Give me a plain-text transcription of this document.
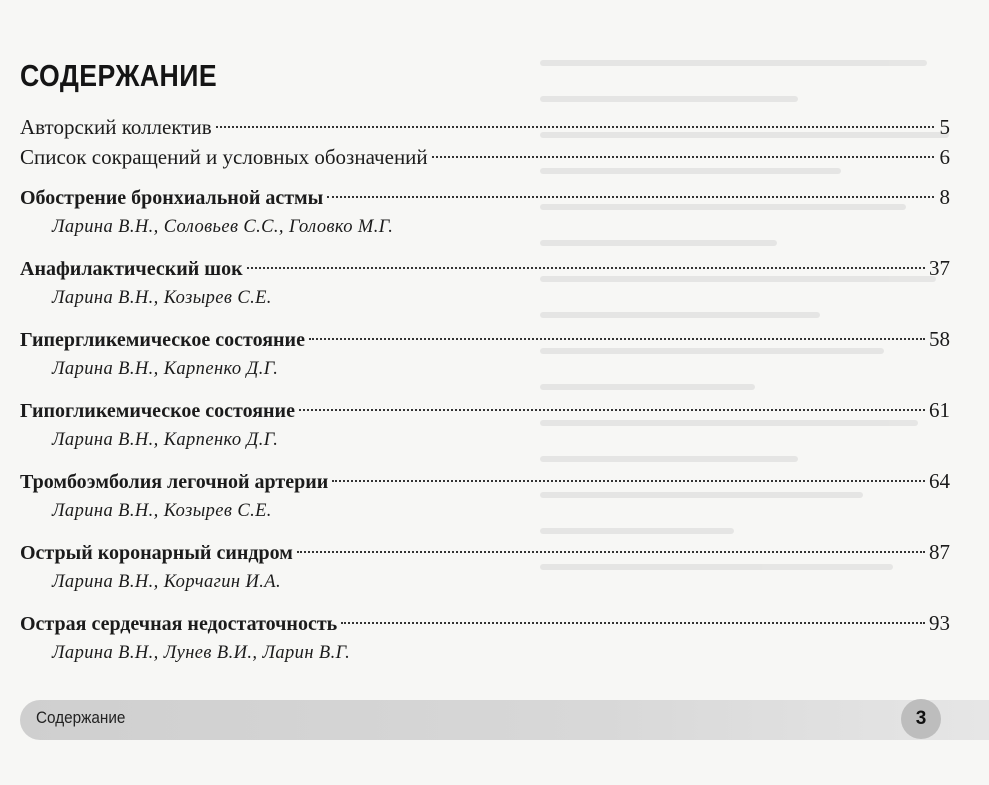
СОДЕРЖАНИЕ
Авторский коллектив	5
Список сокращений и условных обозначений	6
Обострение бронхиальной астмы	8
Ларина В.Н., Соловьев С.С., Головко М.Г.
Анафилактический шок	37
Ларина В.Н., Козырев С.Е.
Гипергликемическое состояние	58
Ларина В.Н., Карпенко Д.Г.
Гипогликемическое состояние	61
Ларина В.Н., Карпенко Д.Г.
Тромбоэмболия легочной артерии	64
Ларина В.Н., Козырев С.Е.
Острый коронарный синдром	87
Ларина В.Н., Корчагин И.А.
Острая сердечная недостаточность	93
Ларина В.Н., Лунев В.И., Ларин В.Г.
Содержание	3
